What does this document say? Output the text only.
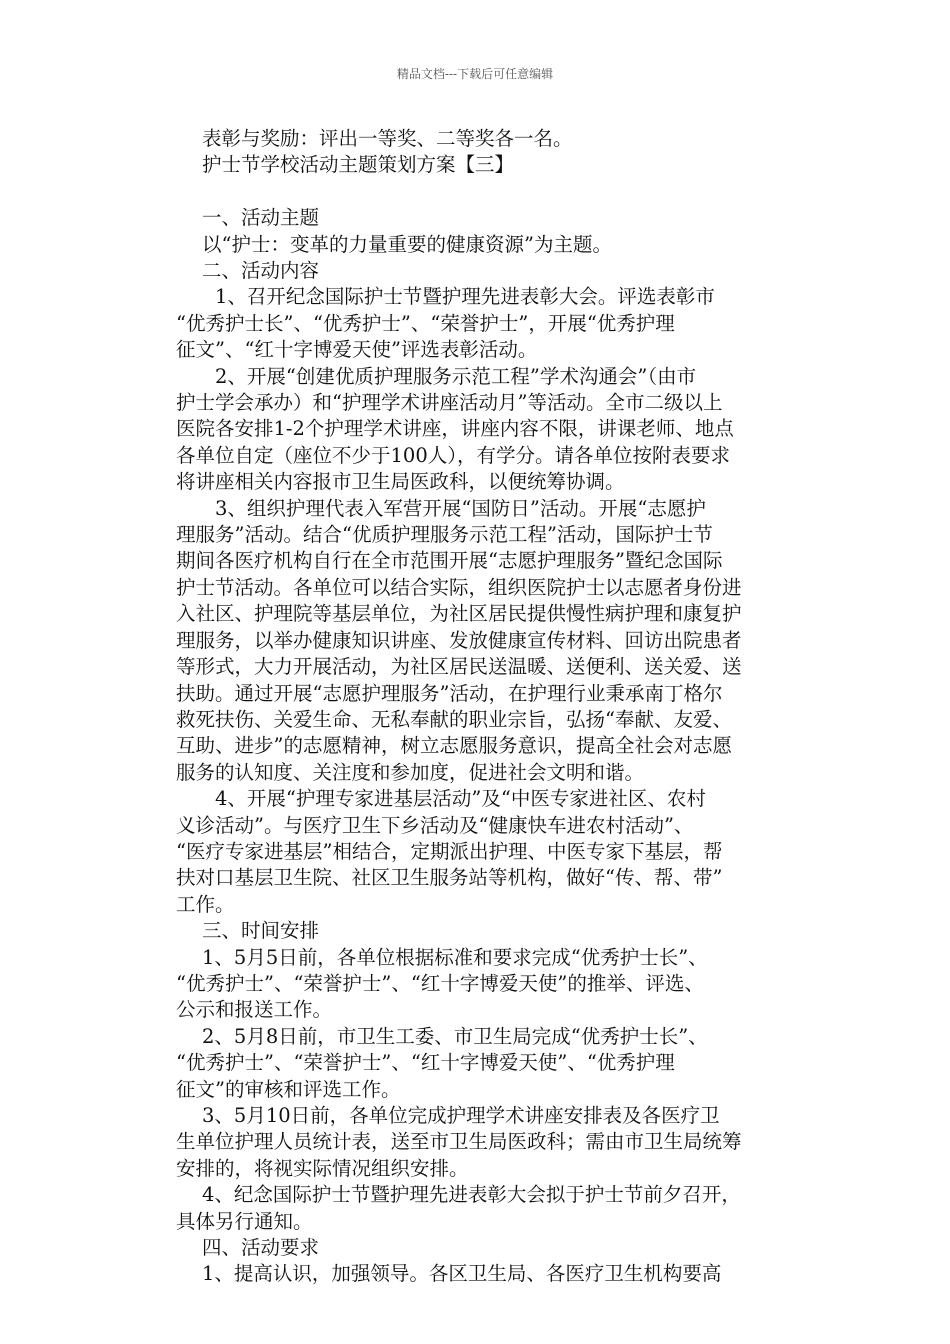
精品文档---下载后可任意编辑

表彰与奖励：评出一等奖、二等奖各一名。

护士节学校活动主题策划方案【三】

一、活动主题

以“护士：变革的力量重要的健康资源”为主题。

二、活动内容

1、召开纪念国际护士节暨护理先进表彰大会。评选表彰市

“优秀护士长”、“优秀护士”、“荣誉护士”，开展“优秀护理

征文”、“红十字博爱天使”评选表彰活动。

2、开展“创建优质护理服务示范工程”学术沟通会”（由市

护士学会承办）和“护理学术讲座活动月”等活动。全市二级以上

医院各安排1-2个护理学术讲座，讲座内容不限，讲课老师、地点

各单位自定（座位不少于100人），有学分。请各单位按附表要求

将讲座相关内容报市卫生局医政科，以便统筹协调。

3、组织护理代表入军营开展“国防日”活动。开展“志愿护

理服务”活动。结合“优质护理服务示范工程”活动，国际护士节

期间各医疗机构自行在全市范围开展“志愿护理服务”暨纪念国际

护士节活动。各单位可以结合实际，组织医院护士以志愿者身份进

入社区、护理院等基层单位，为社区居民提供慢性病护理和康复护

理服务，以举办健康知识讲座、发放健康宣传材料、回访出院患者

等形式，大力开展活动，为社区居民送温暖、送便利、送关爱、送

扶助。通过开展“志愿护理服务”活动，在护理行业秉承南丁格尔

救死扶伤、关爱生命、无私奉献的职业宗旨，弘扬“奉献、友爱、

互助、进步”的志愿精神，树立志愿服务意识，提高全社会对志愿

服务的认知度、关注度和参加度，促进社会文明和谐。

4、开展“护理专家进基层活动”及“中医专家进社区、农村

义诊活动”。与医疗卫生下乡活动及“健康快车进农村活动”、

“医疗专家进基层”相结合，定期派出护理、中医专家下基层，帮

扶对口基层卫生院、社区卫生服务站等机构，做好“传、帮、带”

工作。

三、时间安排

1、5月5日前，各单位根据标准和要求完成“优秀护士长”、

“优秀护士”、“荣誉护士”、“红十字博爱天使”的推举、评选、

公示和报送工作。

2、5月8日前，市卫生工委、市卫生局完成“优秀护士长”、

“优秀护士”、“荣誉护士”、“红十字博爱天使”、“优秀护理

征文”的审核和评选工作。

3、5月10日前，各单位完成护理学术讲座安排表及各医疗卫

生单位护理人员统计表，送至市卫生局医政科；需由市卫生局统筹

安排的，将视实际情况组织安排。

4、纪念国际护士节暨护理先进表彰大会拟于护士节前夕召开，

具体另行通知。

四、活动要求

1、提高认识，加强领导。各区卫生局、各医疗卫生机构要高
